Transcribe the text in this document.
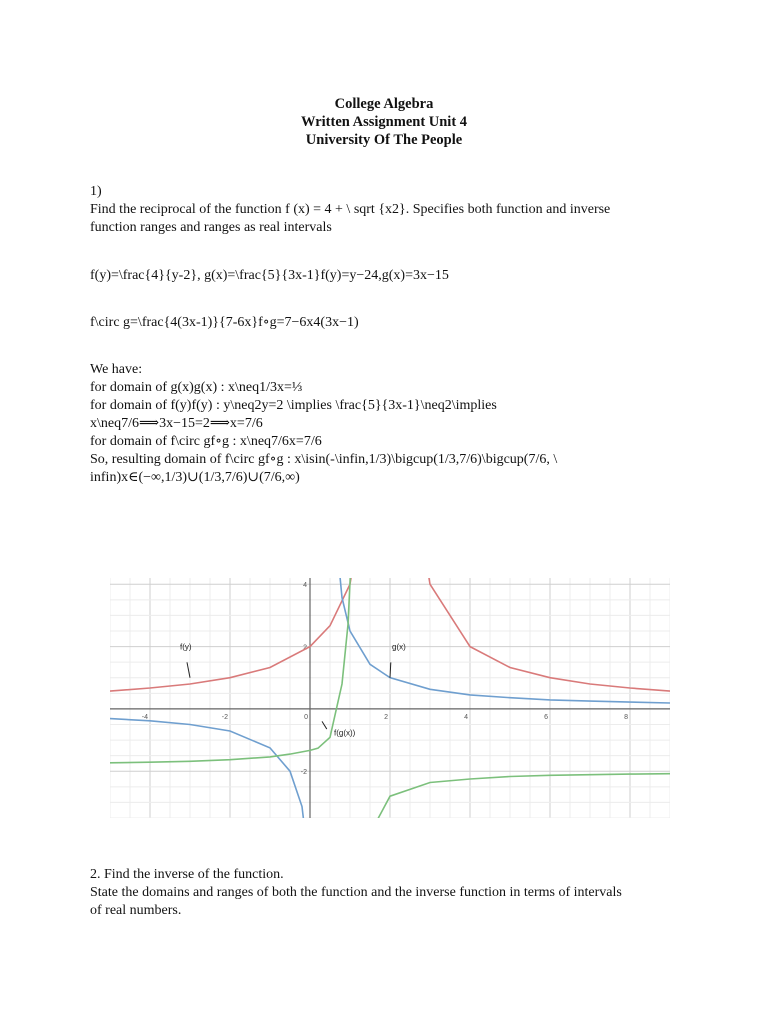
College Algebra
Written Assignment Unit 4
University Of The People

1)

Find the reciprocal of the function f (x) = 4 + \ sqrt {x2}. Specifies both function and inverse

function ranges and ranges as real intervals

f(y)=\frac{4}{y-2}, g(x)=\frac{5}{3x-1}f(y)=y−24,g(x)=3x−15
f\circ g=\frac{4(3x-1)}{7-6x}f∘g=7−6x4(3x−1)

We have:

for domain of g(x)g(x) : x\neq1/3x=⅓

for domain of f(y)f(y) : y\neq2y=2 \implies \frac{5}{3x-1}\neq2\implies

x\neq7/6⟹3x−15=2⟹x=7/6

for domain of f\circ gf∘g : x\neq7/6x=7/6

So, resulting domain of f\circ gf∘g : x\isin(-\infin,1/3)\bigcup(1/3,7/6)\bigcup(7/6, \

infin)x∈(−∞,1/3)∪(1/3,7/6)∪(7/6,∞)

-4	-2	0	2	4	6	8
4
2
-2
f(y)	g(x)
f(g(x))

2. Find the inverse of the function.

State the domains and ranges of both the function and the inverse function in terms of intervals

of real numbers.
